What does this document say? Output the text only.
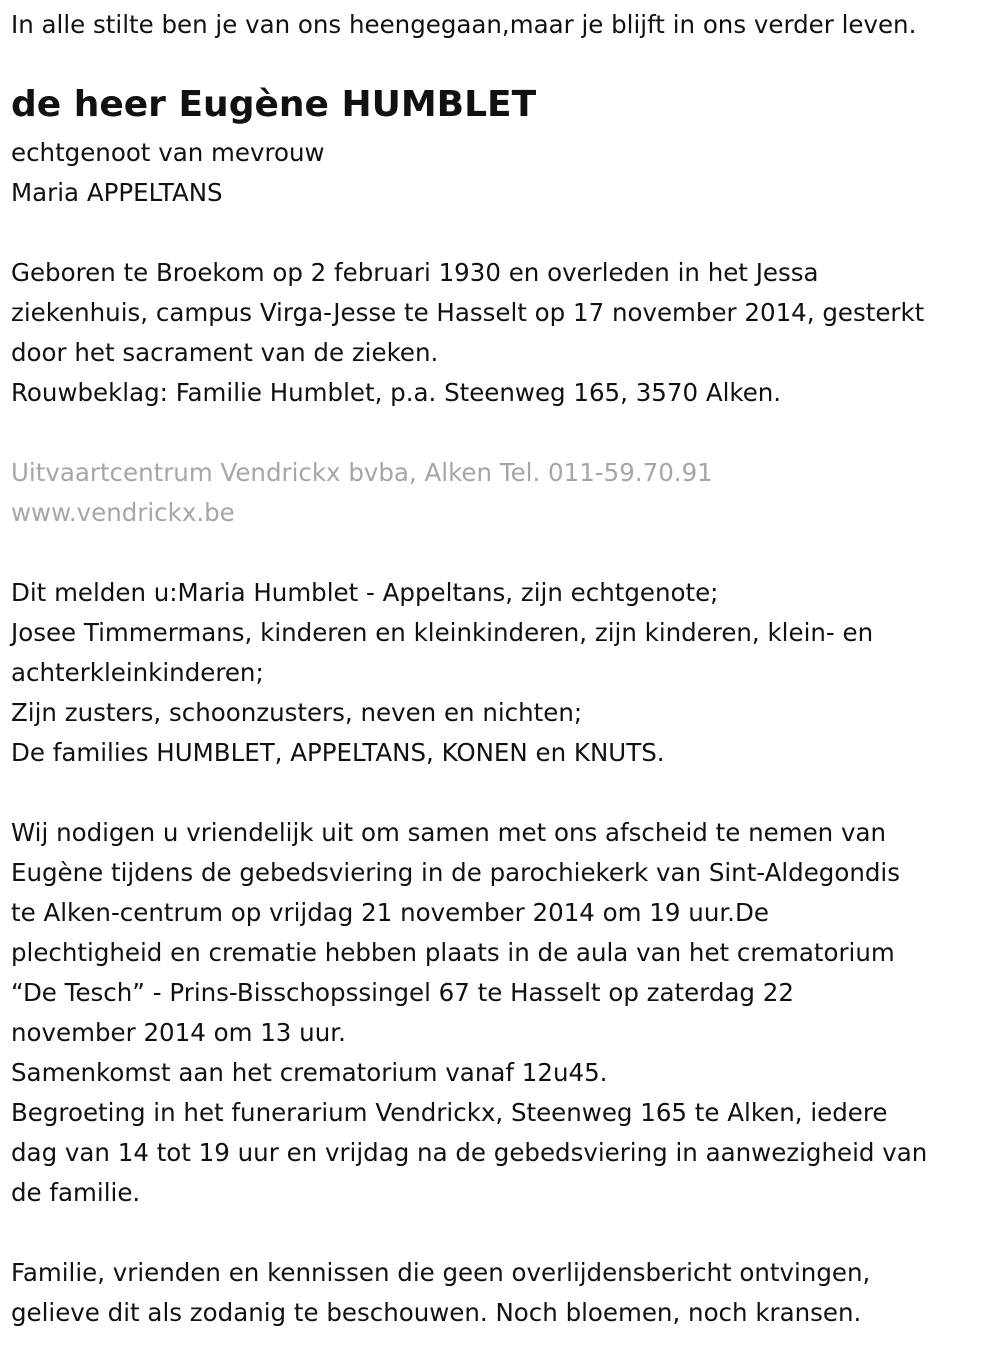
In alle stilte ben je van ons heengegaan,maar je blijft in ons verder leven.
de heer Eugène HUMBLET
echtgenoot van mevrouw
Maria APPELTANS
Geboren te Broekom op 2 februari 1930 en overleden in het Jessa
ziekenhuis, campus Virga-Jesse te Hasselt op 17 november 2014, gesterkt
door het sacrament van de zieken.
Rouwbeklag: Familie Humblet, p.a. Steenweg 165, 3570 Alken.
Uitvaartcentrum Vendrickx bvba, Alken Tel. 011-59.70.91
www.vendrickx.be
Dit melden u:Maria Humblet - Appeltans, zijn echtgenote;
Josee Timmermans, kinderen en kleinkinderen, zijn kinderen, klein- en
achterkleinkinderen;
Zijn zusters, schoonzusters, neven en nichten;
De families HUMBLET, APPELTANS, KONEN en KNUTS.
Wij nodigen u vriendelijk uit om samen met ons afscheid te nemen van
Eugène tijdens de gebedsviering in de parochiekerk van Sint-Aldegondis
te Alken-centrum op vrijdag 21 november 2014 om 19 uur.De
plechtigheid en crematie hebben plaats in de aula van het crematorium
“De Tesch” - Prins-Bisschopssingel 67 te Hasselt op zaterdag 22
november 2014 om 13 uur.
Samenkomst aan het crematorium vanaf 12u45.
Begroeting in het funerarium Vendrickx, Steenweg 165 te Alken, iedere
dag van 14 tot 19 uur en vrijdag na de gebedsviering in aanwezigheid van
de familie.
Familie, vrienden en kennissen die geen overlijdensbericht ontvingen,
gelieve dit als zodanig te beschouwen. Noch bloemen, noch kransen.
